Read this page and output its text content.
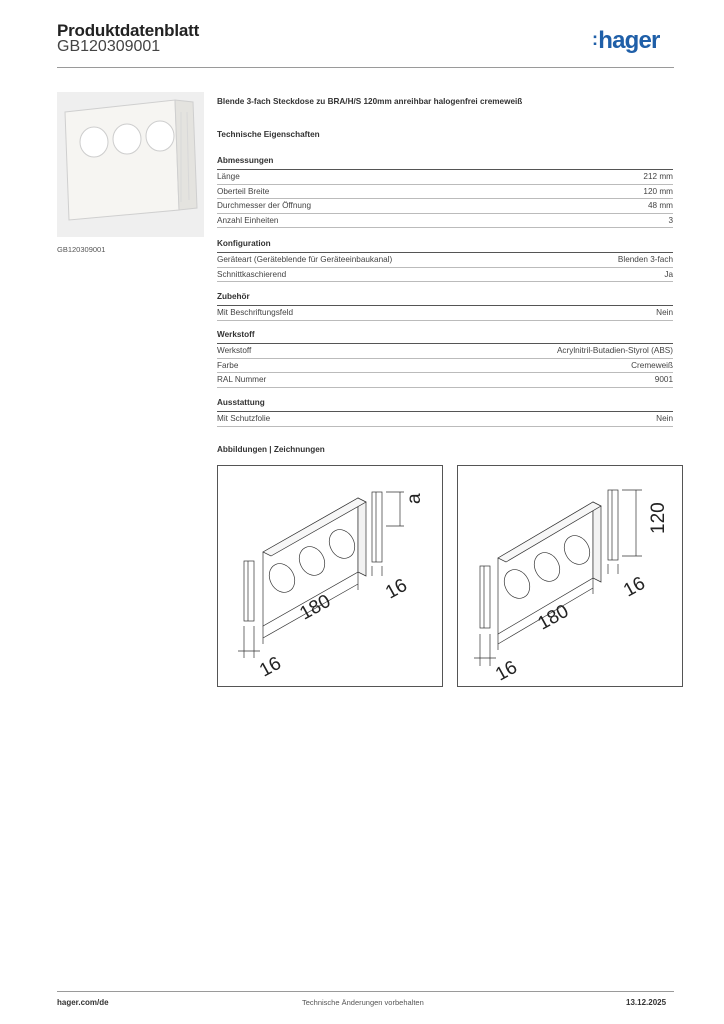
Produktdatenblatt
GB120309001	:hager
GB120309001
Blende 3-fach Steckdose zu BRA/H/S 120mm anreihbar halogenfrei cremeweiß
Technische Eigenschaften
Abmessungen
Länge	212 mm
Oberteil Breite	120 mm
Durchmesser der Öffnung	48 mm
Anzahl Einheiten	3
Konfiguration
Geräteart (Geräteblende für Geräteeinbaukanal)	Blenden 3-fach
Schnittkaschierend	Ja
Zubehör
Mit Beschriftungsfeld	Nein
Werkstoff
Werkstoff	Acrylnitril-Butadien-Styrol (ABS)
Farbe	Cremeweiß
RAL Nummer	9001
Ausstattung
Mit Schutzfolie	Nein
Abbildungen | Zeichnungen
180
16
16
a
180
16
16
120
hager.com/de	Technische Änderungen vorbehalten	13.12.2025
